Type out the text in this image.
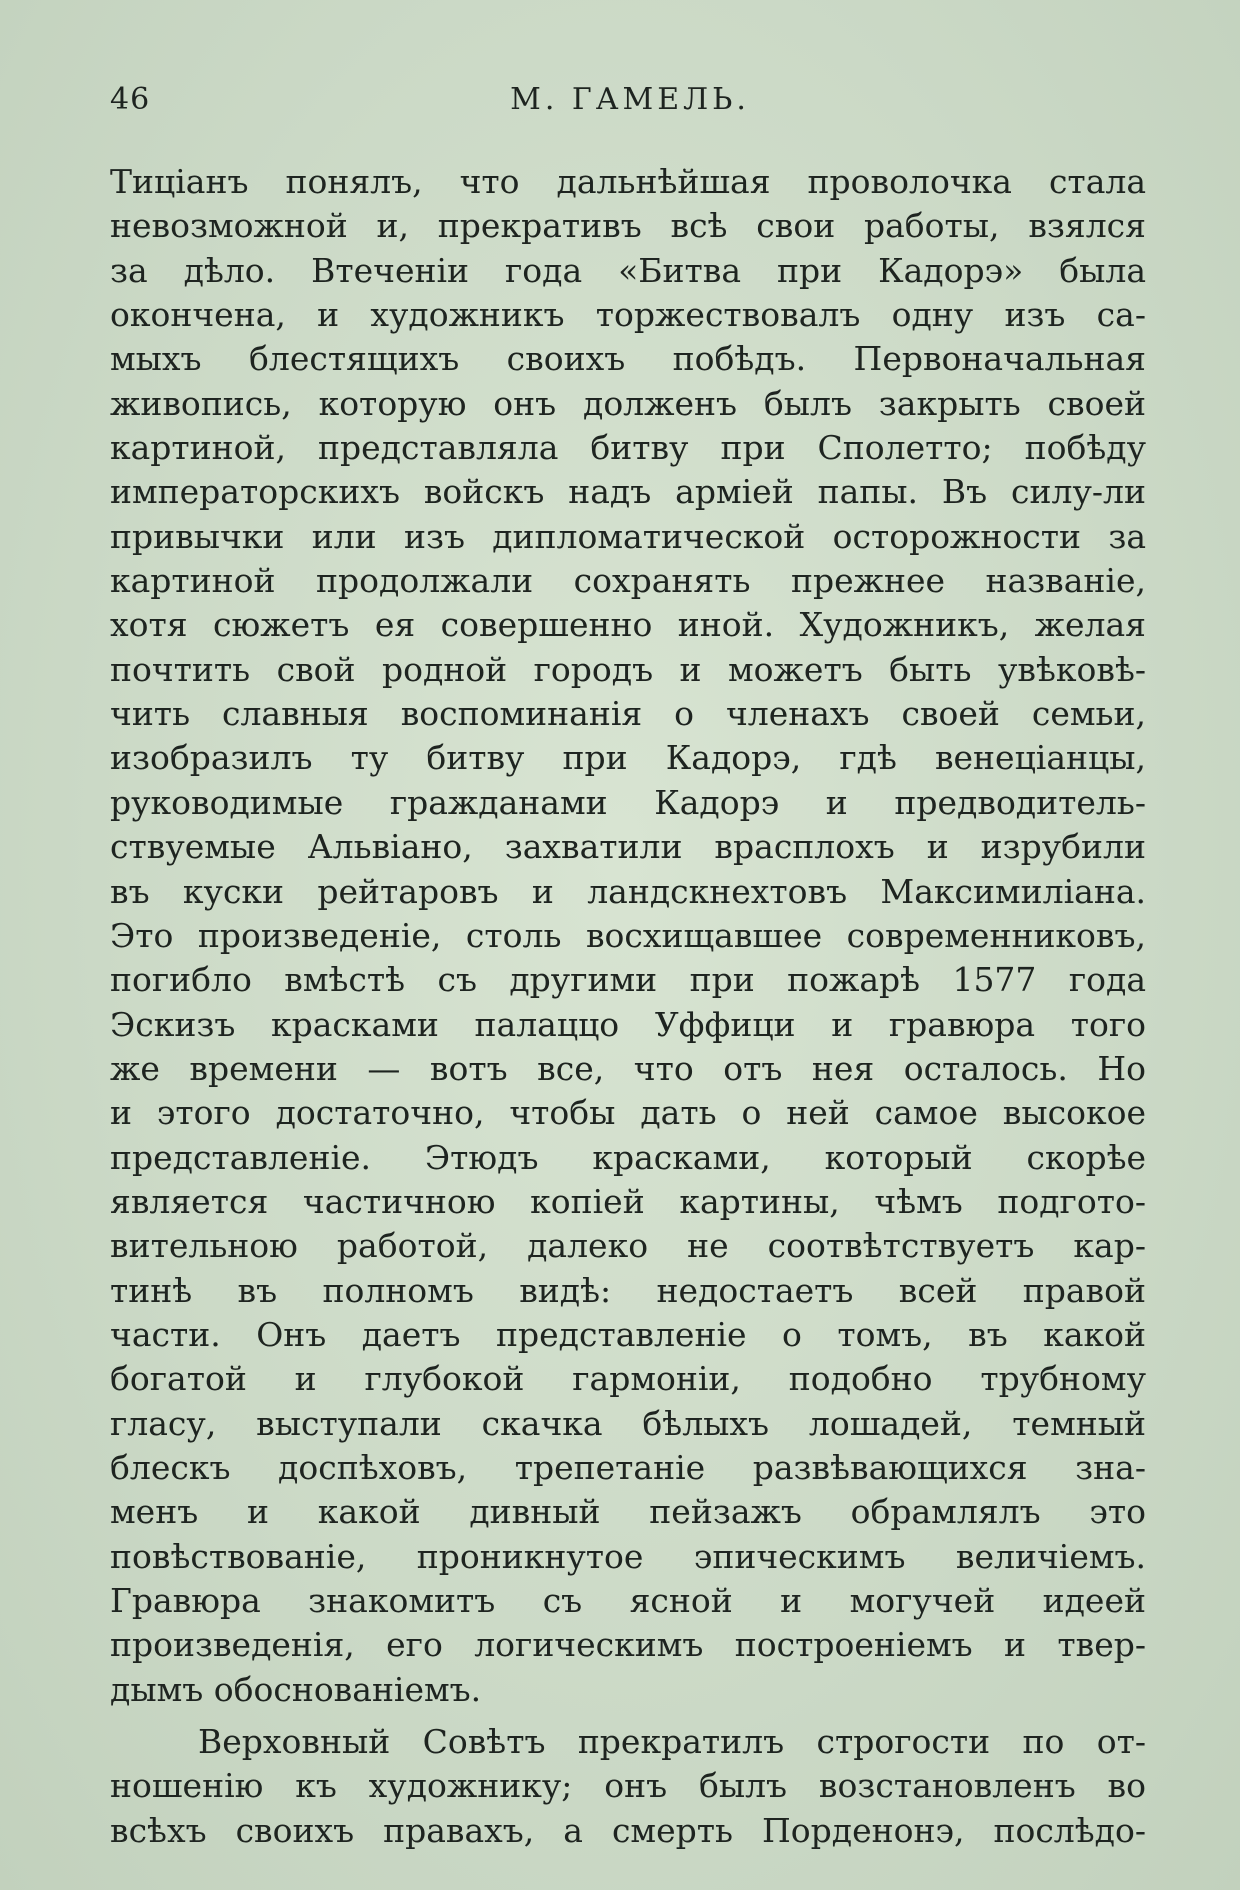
46	М. ГАМЕЛЬ.
Тиціанъ понялъ, что дальнѣйшая проволочка стала
невозможной и, прекративъ всѣ свои работы, взялся
за дѣло. Втеченіи года «Битва при Кадорэ» была
окончена, и художникъ торжествовалъ одну изъ са-
мыхъ блестящихъ своихъ побѣдъ. Первоначальная
живопись, которую онъ долженъ былъ закрыть своей
картиной, представляла битву при Сполетто; побѣду
императорскихъ войскъ надъ арміей папы. Въ силу-ли
привычки или изъ дипломатической осторожности за
картиной продолжали сохранять прежнее названіе,
хотя сюжетъ ея совершенно иной. Художникъ, желая
почтить свой родной городъ и можетъ быть увѣковѣ-
чить славныя воспоминанія о членахъ своей семьи,
изобразилъ ту битву при Кадорэ, гдѣ венеціанцы,
руководимые гражданами Кадорэ и предводитель-
ствуемые Альвіано, захватили врасплохъ и изрубили
въ куски рейтаровъ и ландскнехтовъ Максимиліана.
Это произведеніе, столь восхищавшее современниковъ,
погибло вмѣстѣ съ другими при пожарѣ 1577 года
Эскизъ красками палаццо Уффици и гравюра того
же времени — вотъ все, что отъ нея осталось. Но
и этого достаточно, чтобы дать о ней самое высокое
представленіе. Этюдъ красками, который скорѣе
является частичною копіей картины, чѣмъ подгото-
вительною работой, далеко не соотвѣтствуетъ кар-
тинѣ въ полномъ видѣ: недостаетъ всей правой
части. Онъ даетъ представленіе о томъ, въ какой
богатой и глубокой гармоніи, подобно трубному
гласу, выступали скачка бѣлыхъ лошадей, темный
блескъ доспѣховъ, трепетаніе развѣвающихся зна-
менъ и какой дивный пейзажъ обрамлялъ это
повѣствованіе, проникнутое эпическимъ величіемъ.
Гравюра знакомитъ съ ясной и могучей идеей
произведенія, его логическимъ построеніемъ и твер-
дымъ обоснованіемъ.
Верховный Совѣтъ прекратилъ строгости по от-
ношенію къ художнику; онъ былъ возстановленъ во
всѣхъ своихъ правахъ, а смерть Порденонэ, послѣдо-
